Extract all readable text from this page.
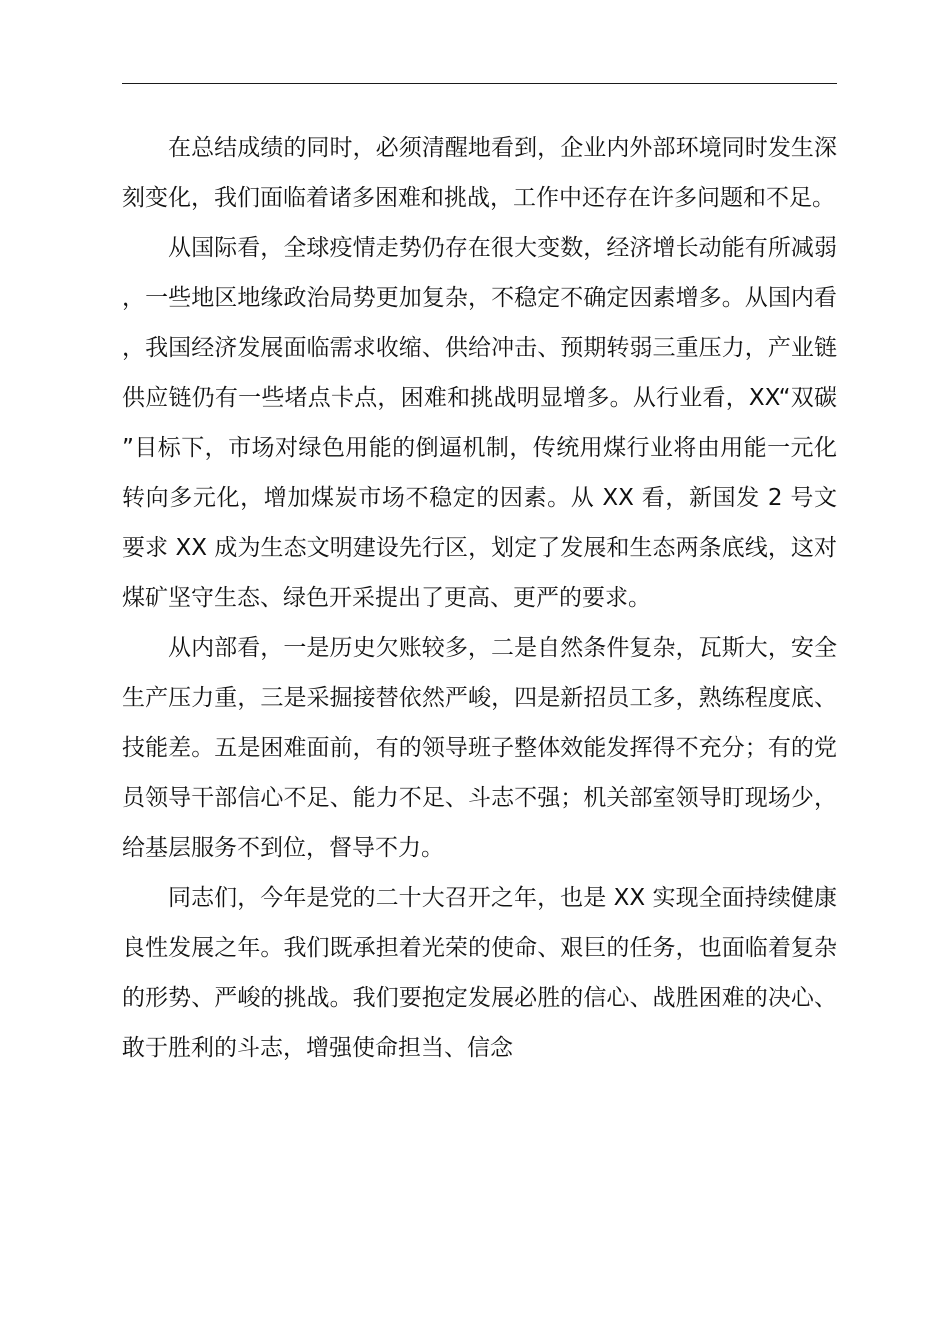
在总结成绩的同时，必须清醒地看到，企业内外部环境同时发生深刻变化，我们面临着诸多困难和挑战，工作中还存在许多问题和不足。

从国际看，全球疫情走势仍存在很大变数，经济增长动能有所减弱，一些地区地缘政治局势更加复杂，不稳定不确定因素增多。从国内看，我国经济发展面临需求收缩、供给冲击、预期转弱三重压力，产业链供应链仍有一些堵点卡点，困难和挑战明显增多。从行业看，XX“双碳”目标下，市场对绿色用能的倒逼机制，传统用煤行业将由用能一元化转向多元化，增加煤炭市场不稳定的因素。从 XX 看，新国发 2 号文要求 XX 成为生态文明建设先行区，划定了发展和生态两条底线，这对煤矿坚守生态、绿色开采提出了更高、更严的要求。

从内部看，一是历史欠账较多，二是自然条件复杂，瓦斯大，安全生产压力重，三是采掘接替依然严峻，四是新招员工多，熟练程度底、技能差。五是困难面前，有的领导班子整体效能发挥得不充分；有的党员领导干部信心不足、能力不足、斗志不强；机关部室领导盯现场少，给基层服务不到位，督导不力。

同志们，今年是党的二十大召开之年，也是 XX 实现全面持续健康良性发展之年。我们既承担着光荣的使命、艰巨的任务，也面临着复杂的形势、严峻的挑战。我们要抱定发展必胜的信心、战胜困难的决心、敢于胜利的斗志，增强使命担当、信念
